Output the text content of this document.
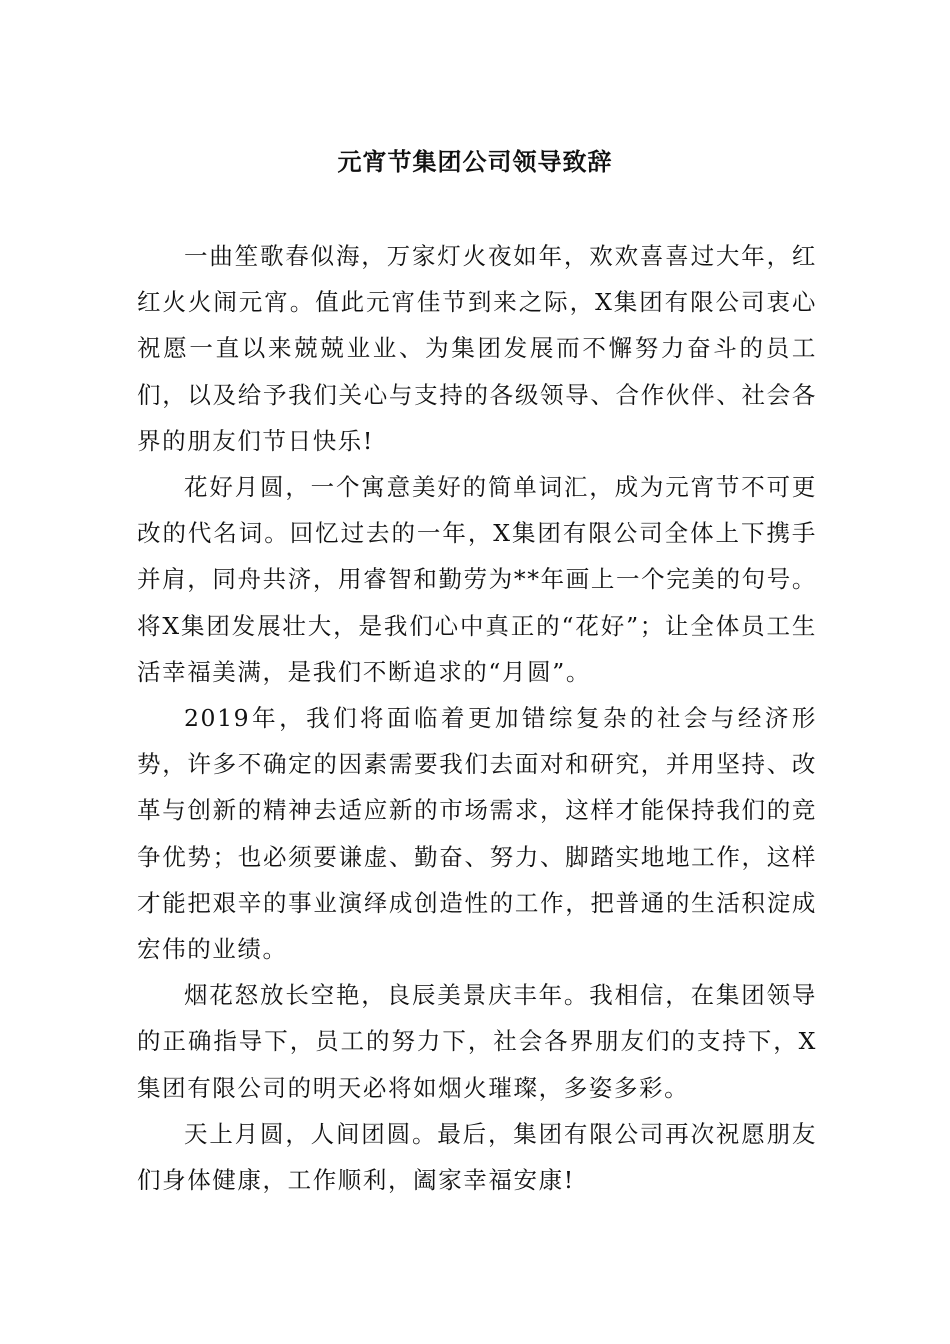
元宵节集团公司领导致辞

一曲笙歌春似海，万家灯火夜如年，欢欢喜喜过大年，红红火火闹元宵。值此元宵佳节到来之际，X集团有限公司衷心祝愿一直以来兢兢业业、为集团发展而不懈努力奋斗的员工们，以及给予我们关心与支持的各级领导、合作伙伴、社会各界的朋友们节日快乐!

花好月圆，一个寓意美好的简单词汇，成为元宵节不可更改的代名词。回忆过去的一年，X集团有限公司全体上下携手并肩，同舟共济，用睿智和勤劳为**年画上一个完美的句号。将X集团发展壮大，是我们心中真正的“花好”；让全体员工生活幸福美满，是我们不断追求的“月圆”。

2019年，我们将面临着更加错综复杂的社会与经济形势，许多不确定的因素需要我们去面对和研究，并用坚持、改革与创新的精神去适应新的市场需求，这样才能保持我们的竞争优势；也必须要谦虚、勤奋、努力、脚踏实地地工作，这样才能把艰辛的事业演绎成创造性的工作，把普通的生活积淀成宏伟的业绩。

烟花怒放长空艳，良辰美景庆丰年。我相信，在集团领导的正确指导下，员工的努力下，社会各界朋友们的支持下，X集团有限公司的明天必将如烟火璀璨，多姿多彩。

天上月圆，人间团圆。最后，集团有限公司再次祝愿朋友们身体健康，工作顺利，阖家幸福安康!
